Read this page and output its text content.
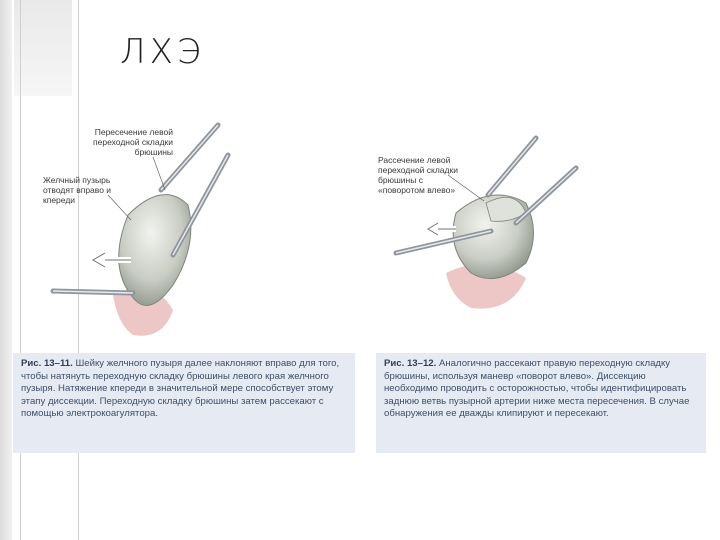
ЛХЭ
Пересечение левой переходной складки брюшины
Желчный пузырь отводят вправо и кпереди

Рис. 13–11. Шейку желчного пузыря далее наклоняют вправо для того, чтобы натянуть переходную складку брюшины левого края желчного пузыря. Натяжение кпереди в значительной мере способствует этому этапу диссекции. Переходную складку брюшины затем рассекают с помощью электрокоагулятора.

Рассечение левой переходной складки брюшины с «поворотом влево»

Рис. 13–12. Аналогично рассекают правую переходную складку брюшины, используя маневр «поворот влево». Диссекцию необходимо проводить с осторожностью, чтобы идентифицировать заднюю ветвь пузырной артерии ниже места пересечения. В случае обнаружения ее дважды клипируют и пересекают.
